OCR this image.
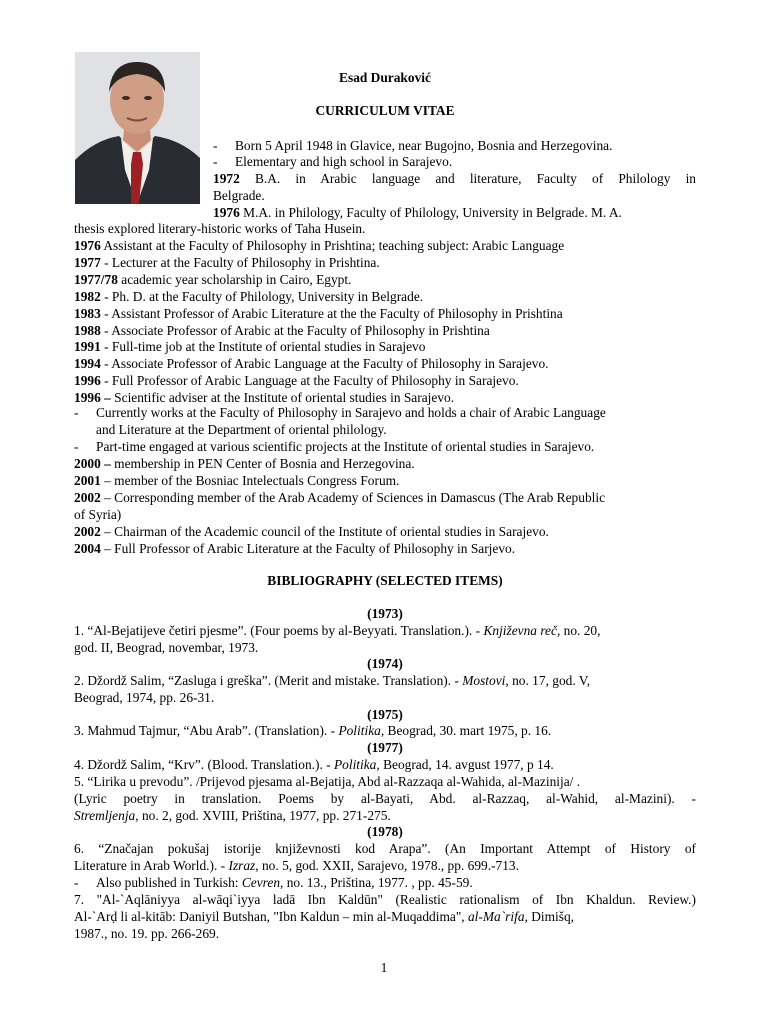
Esad Duraković
CURRICULUM VITAE
- Born 5 April 1948 in Glavice, near Bugojno, Bosnia and Herzegovina.
- Elementary and high school in Sarajevo.
1972 B.A. in Arabic language and literature, Faculty of Philology in
Belgrade.
1976 M.A. in Philology, Faculty of Philology, University in Belgrade. M. A.
thesis explored literary-historic works of Taha Husein.
1976 Assistant at the Faculty of Philosophy in Prishtina; teaching subject: Arabic Language
1977 - Lecturer at the Faculty of Philosophy in Prishtina.
1977/78 academic year scholarship in Cairo, Egypt.
1982 - Ph. D. at the Faculty of Philology, University in Belgrade.
1983 - Assistant Professor of Arabic Literature at the the Faculty of Philosophy in Prishtina
1988 - Associate Professor of Arabic at the Faculty of Philosophy in Prishtina
1991 - Full-time job at the Institute of oriental studies in Sarajevo
1994 - Associate Professor of Arabic Language at the Faculty of Philosophy in Sarajevo.
1996 - Full Professor of Arabic Language at the Faculty of Philosophy in Sarajevo.
1996 – Scientific adviser at the Institute of oriental studies in Sarajevo.
- Currently works at the Faculty of Philosophy in Sarajevo and holds a chair of Arabic Language
and Literature at the Department of oriental philology.
- Part-time engaged at various scientific projects at the Institute of oriental studies in Sarajevo.
2000 – membership in PEN Center of Bosnia and Herzegovina.
2001 – member of the Bosniac Intelectuals Congress Forum.
2002 – Corresponding member of the Arab Academy of Sciences in Damascus (The Arab Republic
of Syria)
2002 – Chairman of the Academic council of the Institute of oriental studies in Sarajevo.
2004 – Full Professor of Arabic Literature at the Faculty of Philosophy in Sarjevo.
BIBLIOGRAPHY (SELECTED ITEMS)
(1973)
1. “Al-Bejatijeve četiri pjesme”. (Four poems by al-Beyyati. Translation.). - Književna reč, no. 20,
god. II, Beograd, novembar, 1973.
(1974)
2. Džordž Salim, “Zasluga i greška”. (Merit and mistake. Translation). - Mostovi, no. 17, god. V,
Beograd, 1974, pp. 26-31.
(1975)
3. Mahmud Tajmur, “Abu Arab”. (Translation). - Politika, Beograd, 30. mart 1975, p. 16.
(1977)
4. Džordž Salim, “Krv”. (Blood. Translation.). - Politika, Beograd, 14. avgust 1977, p 14.
5. “Lirika u prevodu”. /Prijevod pjesama al-Bejatija, Abd al-Razzaqa al-Wahida, al-Mazinija/ .
(Lyric poetry in translation. Poems by al-Bayati, Abd. al-Razzaq, al-Wahid, al-Mazini). -
Stremljenja, no. 2, god. XVIII, Priština, 1977, pp. 271-275.
(1978)
6. “Značajan pokušaj istorije književnosti kod Arapa”. (An Important Attempt of History of
Literature in Arab World.). - Izraz, no. 5, god. XXII, Sarajevo, 1978., pp. 699.-713.
- Also published in Turkish: Cevren, no. 13., Priština, 1977. , pp. 45-59.
7. "Al-`Aqlāniyya al-wāqi`iyya ladā Ibn Kaldūn" (Realistic rationalism of Ibn Khaldun. Review.)
Al-`Arḍ li al-kitāb: Daniyil Butshan, "Ibn Kaldun – min al-Muqaddima", al-Ma`rifa, Dimišq,
1987., no. 19. pp. 266-269.
1
